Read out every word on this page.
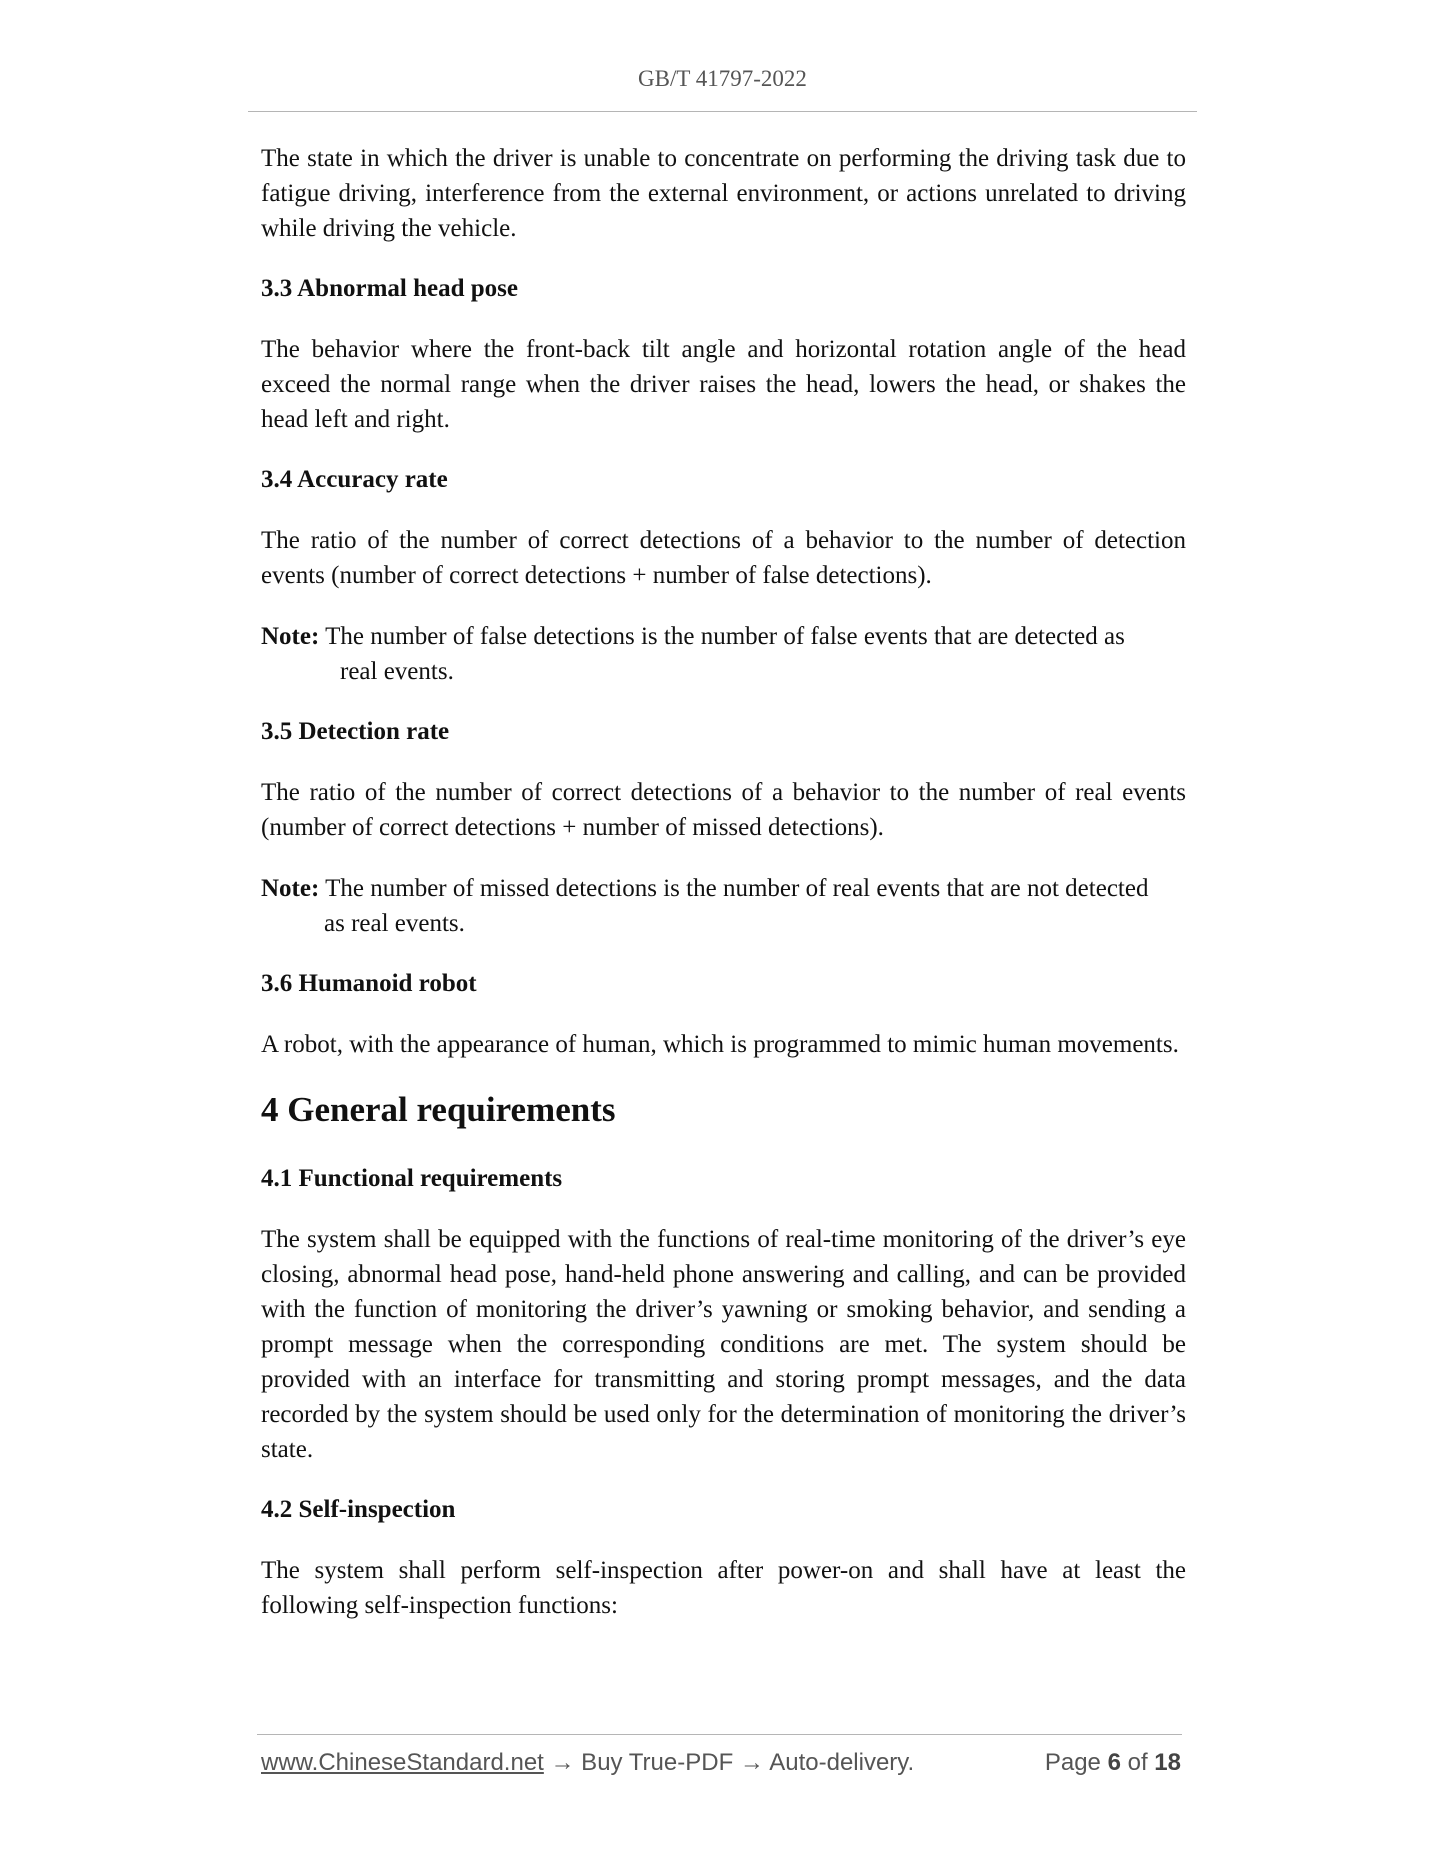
GB/T 41797-2022

The state in which the driver is unable to concentrate on performing the driving task due to fatigue driving, interference from the external environment, or actions unrelated to driving while driving the vehicle.

3.3 Abnormal head pose

The behavior where the front-back tilt angle and horizontal rotation angle of the head exceed the normal range when the driver raises the head, lowers the head, or shakes the head left and right.

3.4 Accuracy rate

The ratio of the number of correct detections of a behavior to the number of detection events (number of correct detections + number of false detections).

Note: The number of false detections is the number of false events that are detected as
real events.
3.5 Detection rate

The ratio of the number of correct detections of a behavior to the number of real events (number of correct detections + number of missed detections).

Note: The number of missed detections is the number of real events that are not detected
as real events.
3.6 Humanoid robot

A robot, with the appearance of human, which is programmed to mimic human movements.

4 General requirements
4.1 Functional requirements

The system shall be equipped with the functions of real-time monitoring of the driver’s eye closing, abnormal head pose, hand-held phone answering and calling, and can be provided with the function of monitoring the driver’s yawning or smoking behavior, and sending a prompt message when the corresponding conditions are met. The system should be provided with an interface for transmitting and storing prompt messages, and the data recorded by the system should be used only for the determination of monitoring the driver’s state.

4.2 Self-inspection

The system shall perform self-inspection after power-on and shall have at least the following self-inspection functions:

www.ChineseStandard.net → Buy True-PDF → Auto-delivery.	Page 6 of 18
